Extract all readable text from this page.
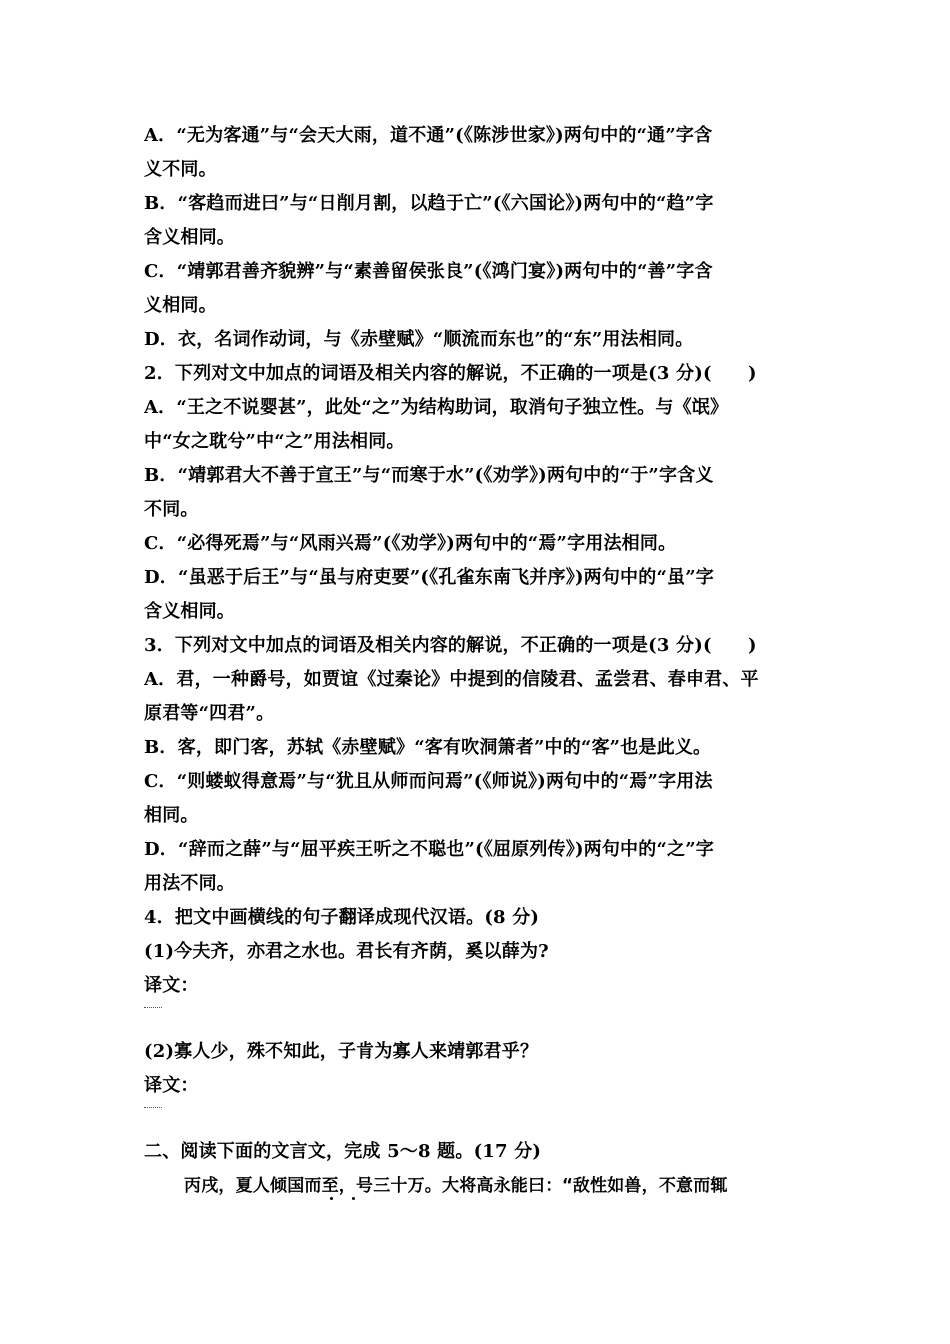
A．“无为客通”与“会天大雨，道不通”(《陈涉世家》)两句中的“通”字含
义不同。
B．“客趋而进曰”与“日削月割，以趋于亡”(《六国论》)两句中的“趋”字
含义相同。
C．“靖郭君善齐貌辨”与“素善留侯张良”(《鸿门宴》)两句中的“善”字含
义相同。
D．衣，名词作动词，与《赤壁赋》“顺流而东也”的“东”用法相同。
2．下列对文中加点的词语及相关内容的解说，不正确的一项是(3 分)(　　)
A．“王之不说婴甚”，此处“之”为结构助词，取消句子独立性。与《氓》
中“女之耽兮”中“之”用法相同。
B．“靖郭君大不善于宣王”与“而寒于水”(《劝学》)两句中的“于”字含义
不同。
C．“必得死焉”与“风雨兴焉”(《劝学》)两句中的“焉”字用法相同。
D．“虽恶于后王”与“虽与府吏要”(《孔雀东南飞并序》)两句中的“虽”字
含义相同。
3．下列对文中加点的词语及相关内容的解说，不正确的一项是(3 分)(　　)
A．君，一种爵号，如贾谊《过秦论》中提到的信陵君、孟尝君、春申君、平
原君等“四君”。
B．客，即门客，苏轼《赤壁赋》“客有吹洞箫者”中的“客”也是此义。
C．“则蝼蚁得意焉”与“犹且从师而问焉”(《师说》)两句中的“焉”字用法
相同。
D．“辞而之薛”与“屈平疾王听之不聪也”(《屈原列传》)两句中的“之”字
用法不同。
4．把文中画横线的句子翻译成现代汉语。(8 分)
(1)今夫齐，亦君之水也。君长有齐荫，奚以薛为?
译文：
(2)寡人少，殊不知此，子肯为寡人来靖郭君乎？
译文：
二、阅读下面的文言文，完成 5～8 题。(17 分)
丙戌，夏人倾国而至，号三十万。大将高永能曰：“敌性如兽，不意而辄
